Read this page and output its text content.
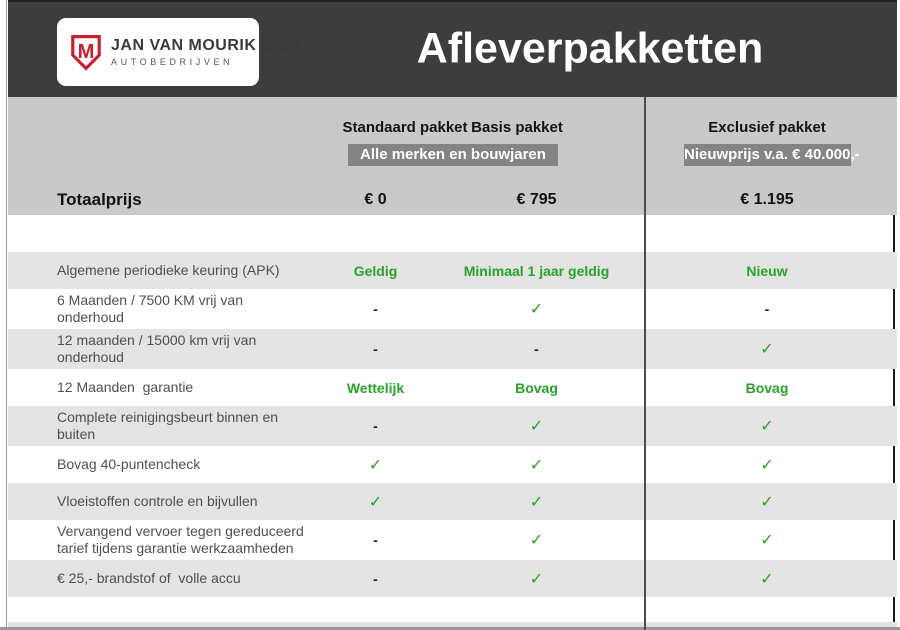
M JAN VAN MOURIK & ZN
AUTOBEDRIJVEN	Afleverpakketten
Standaard pakket Basis pakket	Exclusief pakket
Alle merken en bouwjaren	Nieuwprijs v.a. € 40.000,-
Totaalprijs	€ 0	€ 795	€ 1.195
Algemene periodieke keuring (APK)	Geldig	Minimaal 1 jaar geldig	Nieuw
6 Maanden / 7500 KM vrij van onderhoud	-	✓	-
12 maanden / 15000 km vrij van onderhoud	-	-	✓
12 Maanden  garantie	Wettelijk	Bovag	Bovag
Complete reinigingsbeurt binnen en buiten	-	✓	✓
Bovag 40-puntencheck	✓	✓	✓
Vloeistoffen controle en bijvullen	✓	✓	✓
Vervangend vervoer tegen gereduceerd tarief tijdens garantie werkzaamheden	-	✓	✓
€ 25,- brandstof of  volle accu	-	✓	✓
